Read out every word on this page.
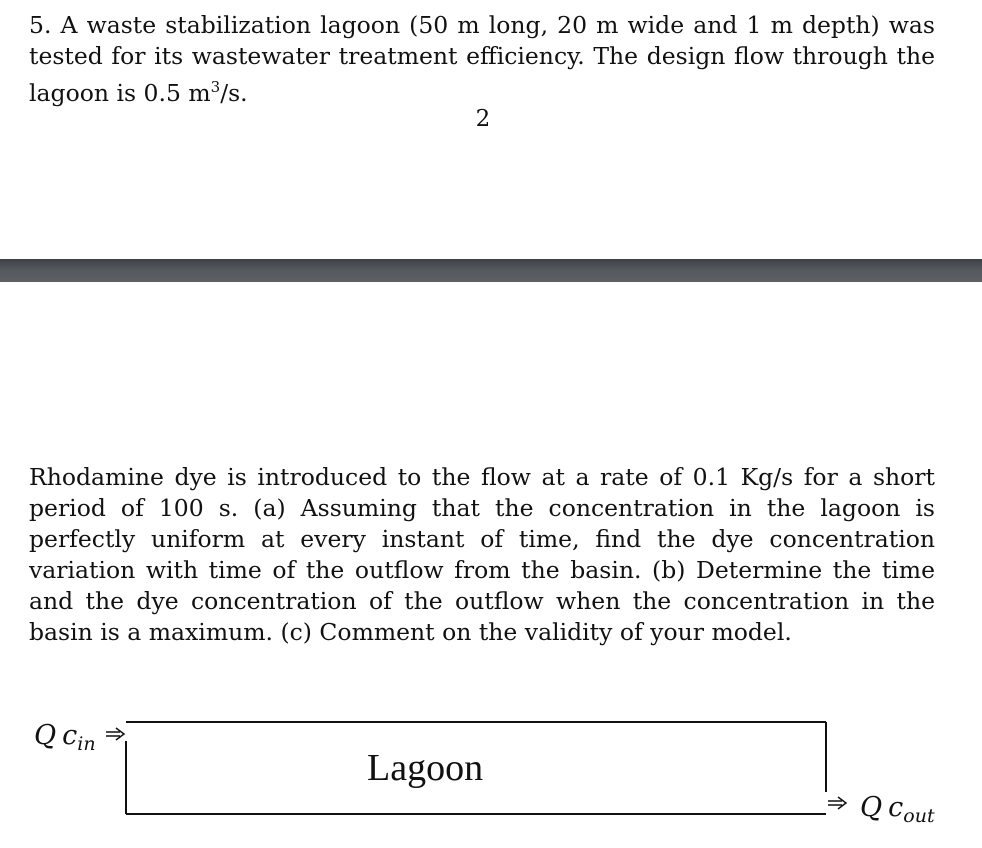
5. A waste stabilization lagoon (50 m long, 20 m wide and 1 m depth) was tested for its wastewater treatment efficiency. The design flow through the lagoon is 0.5 $m^3/s$.

2

Rhodamine dye is introduced to the flow at a rate of 0.1 Kg/s for a short period of 100 s. (a) Assuming that the concentration in the lagoon is perfectly uniform at every instant of time, find the dye concentration variation with time of the outflow from the basin. (b) Determine the time and the dye concentration of the outflow when the concentration in the basin is a maximum. (c) Comment on the validity of your model.

Q $c_{in}$
Lagoon
Q $c_{out}$
